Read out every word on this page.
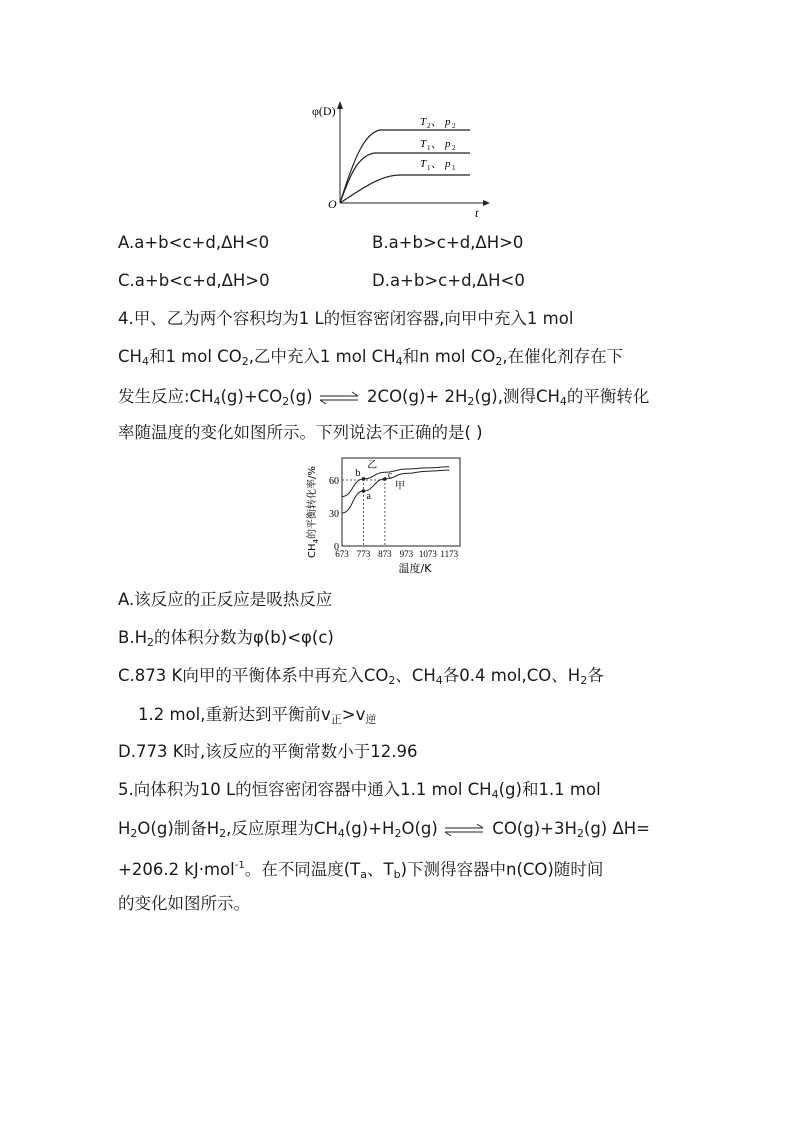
φ(D)
O
t
T 2 、 p 2
T 1 、 p 2
T 1 、 p 1
A.a+b<c+d,ΔH<0	B.a+b>c+d,ΔH>0
C.a+b<c+d,ΔH>0	D.a+b>c+d,ΔH<0
4.甲、乙为两个容积均为1 L的恒容密闭容器,向甲中充入1 mol
$CH_4$和1 mol $CO_2$,乙中充入1 mol $CH_4$和n mol $CO_2$,在催化剂存在下
发生反应$:CH_4(g)+CO_2(g)$ ⇌ $2CO(g)+ 2H_2(g)$,测得$CH_4$的平衡转化
率随温度的变化如图所示。下列说法不正确的是( )
a
b	c
乙
甲
0
30
60
673 773 873 973 1073 1173
温度/K
$CH_4$的平衡转化率/%
A.该反应的正反应是吸热反应
$B.H_2$的体积分数为φ(b)<φ(c)
C.873 K向甲的平衡体系中再充入$CO_2$、$CH_4$各0.4 mol,CO、$H_2$各
1.2 mol,重新达到平衡前$v_正>v_逆$
D.773 K时,该反应的平衡常数小于12.96
5.向体积为10 L的恒容密闭容器中通入1.1 mol $CH_4(g)$和1.1 mol
$H_2O(g)$制备$H_2$,反应原理为$CH_4(g)+H_2O(g)$ ⇌ $CO(g)+3H_2(g)$ ΔH=
+206.2 kJ·mol$^{-1}$。在不同温度($T_a$、$T_b$)下测得容器中n(CO)随时间
的变化如图所示。
